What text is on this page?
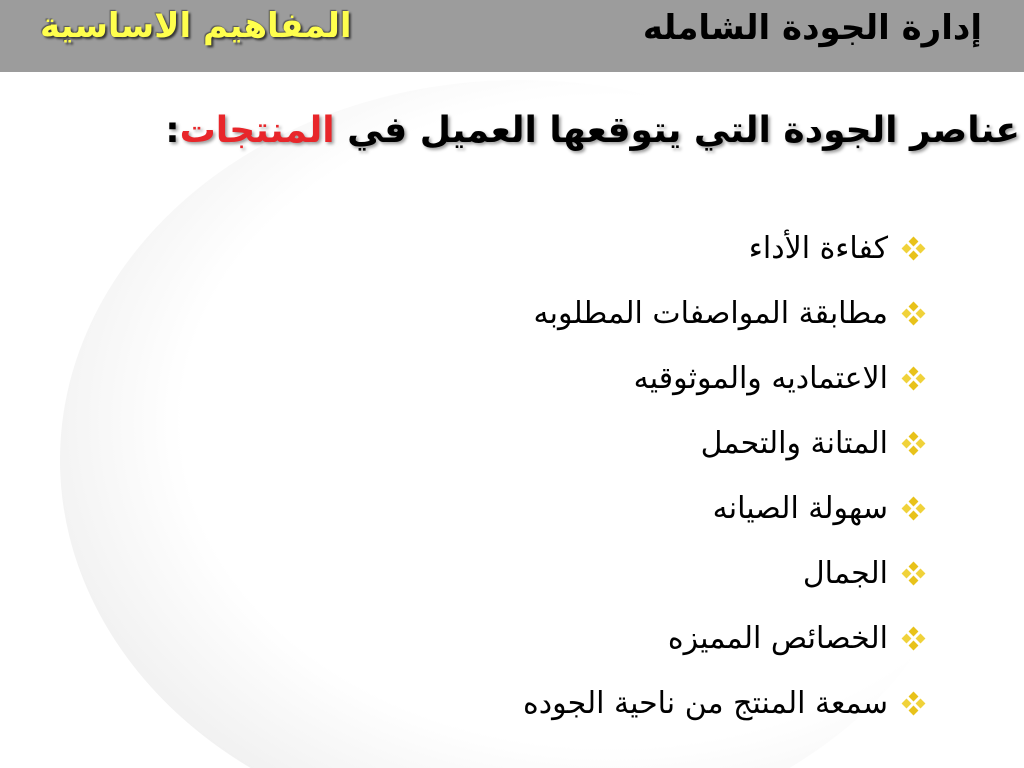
إدارة الجودة الشامله
المفاهيم الاساسية
عناصر الجودة التي يتوقعها العميل في المنتجات:
كفاءة الأداء
مطابقة المواصفات المطلوبه
الاعتماديه والموثوقيه
المتانة والتحمل
سهولة الصيانه
الجمال
الخصائص المميزه
سمعة المنتج من ناحية الجوده
